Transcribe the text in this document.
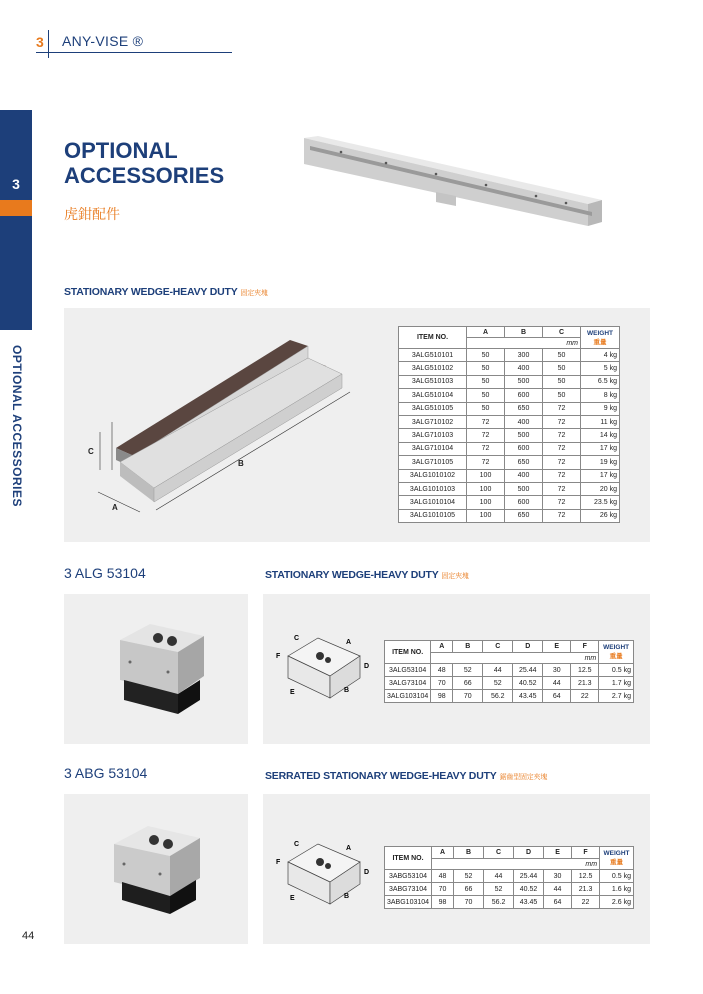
3 ANY-VISE ®
3
OPTIONAL ACCESSORIES
OPTIONAL
ACCESSORIES
虎鉗配件
STATIONARY WEDGE-HEAVY DUTY 固定夾塊
C
A
B
ITEM NO.	A	B	C	WEIGHT 重量
	mm			
3ALG510101	50	300	50	4 kg
3ALG510102	50	400	50	5 kg
3ALG510103	50	500	50	6.5 kg
3ALG510104	50	600	50	8 kg
3ALG510105	50	650	72	9 kg
3ALG710102	72	400	72	11 kg
3ALG710103	72	500	72	14 kg
3ALG710104	72	600	72	17 kg
3ALG710105	72	650	72	19 kg
3ALG1010102	100	400	72	17 kg
3ALG1010103	100	500	72	20 kg
3ALG1010104	100	600	72	23.5 kg
3ALG1010105	100	650	72	26 kg
3 ALG 53104	STATIONARY WEDGE-HEAVY DUTY 固定夾塊
C
A
F
D
E	B
ITEM NO.	A	B	C	D	E	F	WEIGHT
重量
	mm						
3ALG53104	48	52	44	25.44	30	12.5	0.5 kg
3ALG73104	70	66	52	40.52	44	21.3	1.7 kg
3ALG103104	98	70	56.2	43.45	64	22	2.7 kg
3 ABG 53104	SERRATED STATIONARY WEDGE-HEAVY DUTY 鋸齒型固定夾塊
C
A
F
D
E	B
ITEM NO.	A	B	C	D	E	F	WEIGHT
重量
	mm						
3ABG53104	48	52	44	25.44	30	12.5	0.5 kg
3ABG73104	70	66	52	40.52	44	21.3	1.6 kg
3ABG103104	98	70	56.2	43.45	64	22	2.6 kg
44
